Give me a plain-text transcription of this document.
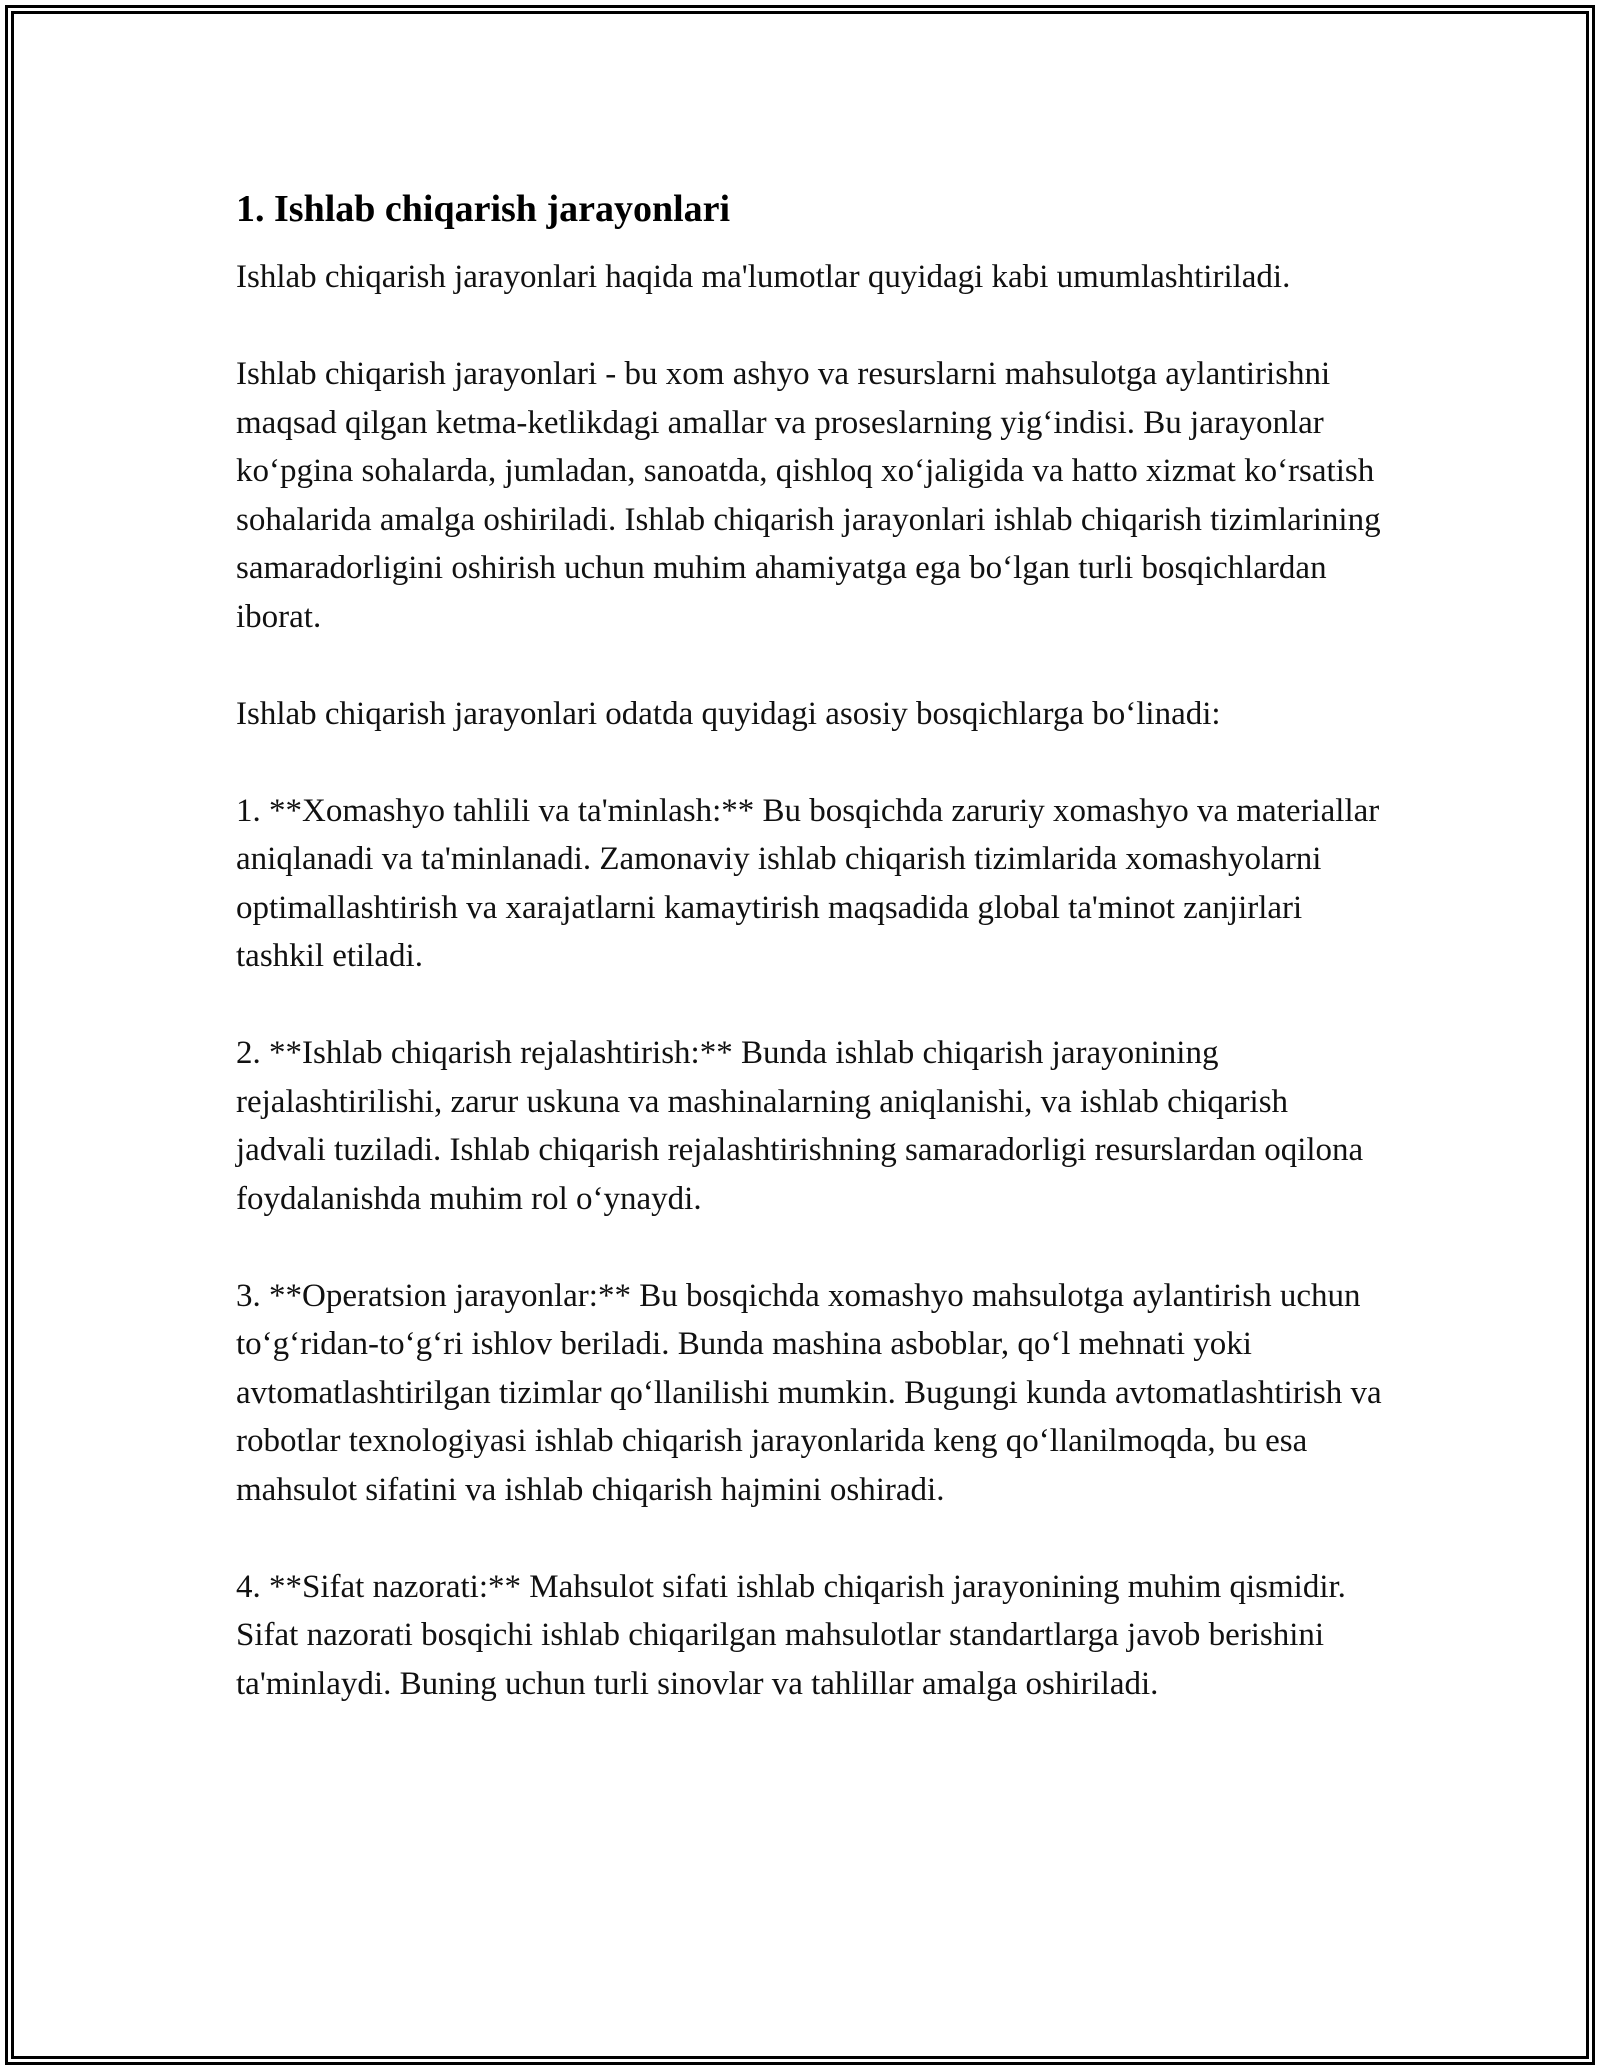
1. Ishlab chiqarish jarayonlari

Ishlab chiqarish jarayonlari haqida ma'lumotlar quyidagi kabi umumlashtiriladi.

Ishlab chiqarish jarayonlari - bu xom ashyo va resurslarni mahsulotga aylantirishni maqsad qilgan ketma-ketlikdagi amallar va proseslarning yig‘indisi. Bu jarayonlar ko‘pgina sohalarda, jumladan, sanoatda, qishloq xo‘jaligida va hatto xizmat ko‘rsatish sohalarida amalga oshiriladi. Ishlab chiqarish jarayonlari ishlab chiqarish tizimlarining samaradorligini oshirish uchun muhim ahamiyatga ega bo‘lgan turli bosqichlardan iborat.

Ishlab chiqarish jarayonlari odatda quyidagi asosiy bosqichlarga bo‘linadi:

1. **Xomashyo tahlili va ta'minlash:** Bu bosqichda zaruriy xomashyo va materiallar aniqlanadi va ta'minlanadi. Zamonaviy ishlab chiqarish tizimlarida xomashyolarni optimallashtirish va xarajatlarni kamaytirish maqsadida global ta'minot zanjirlari tashkil etiladi.

2. **Ishlab chiqarish rejalashtirish:** Bunda ishlab chiqarish jarayonining rejalashtirilishi, zarur uskuna va mashinalarning aniqlanishi, va ishlab chiqarish jadvali tuziladi. Ishlab chiqarish rejalashtirishning samaradorligi resurslardan oqilona foydalanishda muhim rol o‘ynaydi.

3. **Operatsion jarayonlar:** Bu bosqichda xomashyo mahsulotga aylantirish uchun to‘g‘ridan-to‘g‘ri ishlov beriladi. Bunda mashina asboblar, qo‘l mehnati yoki avtomatlashtirilgan tizimlar qo‘llanilishi mumkin. Bugungi kunda avtomatlashtirish va robotlar texnologiyasi ishlab chiqarish jarayonlarida keng qo‘llanilmoqda, bu esa mahsulot sifatini va ishlab chiqarish hajmini oshiradi.

4. **Sifat nazorati:** Mahsulot sifati ishlab chiqarish jarayonining muhim qismidir. Sifat nazorati bosqichi ishlab chiqarilgan mahsulotlar standartlarga javob berishini ta'minlaydi. Buning uchun turli sinovlar va tahlillar amalga oshiriladi.
